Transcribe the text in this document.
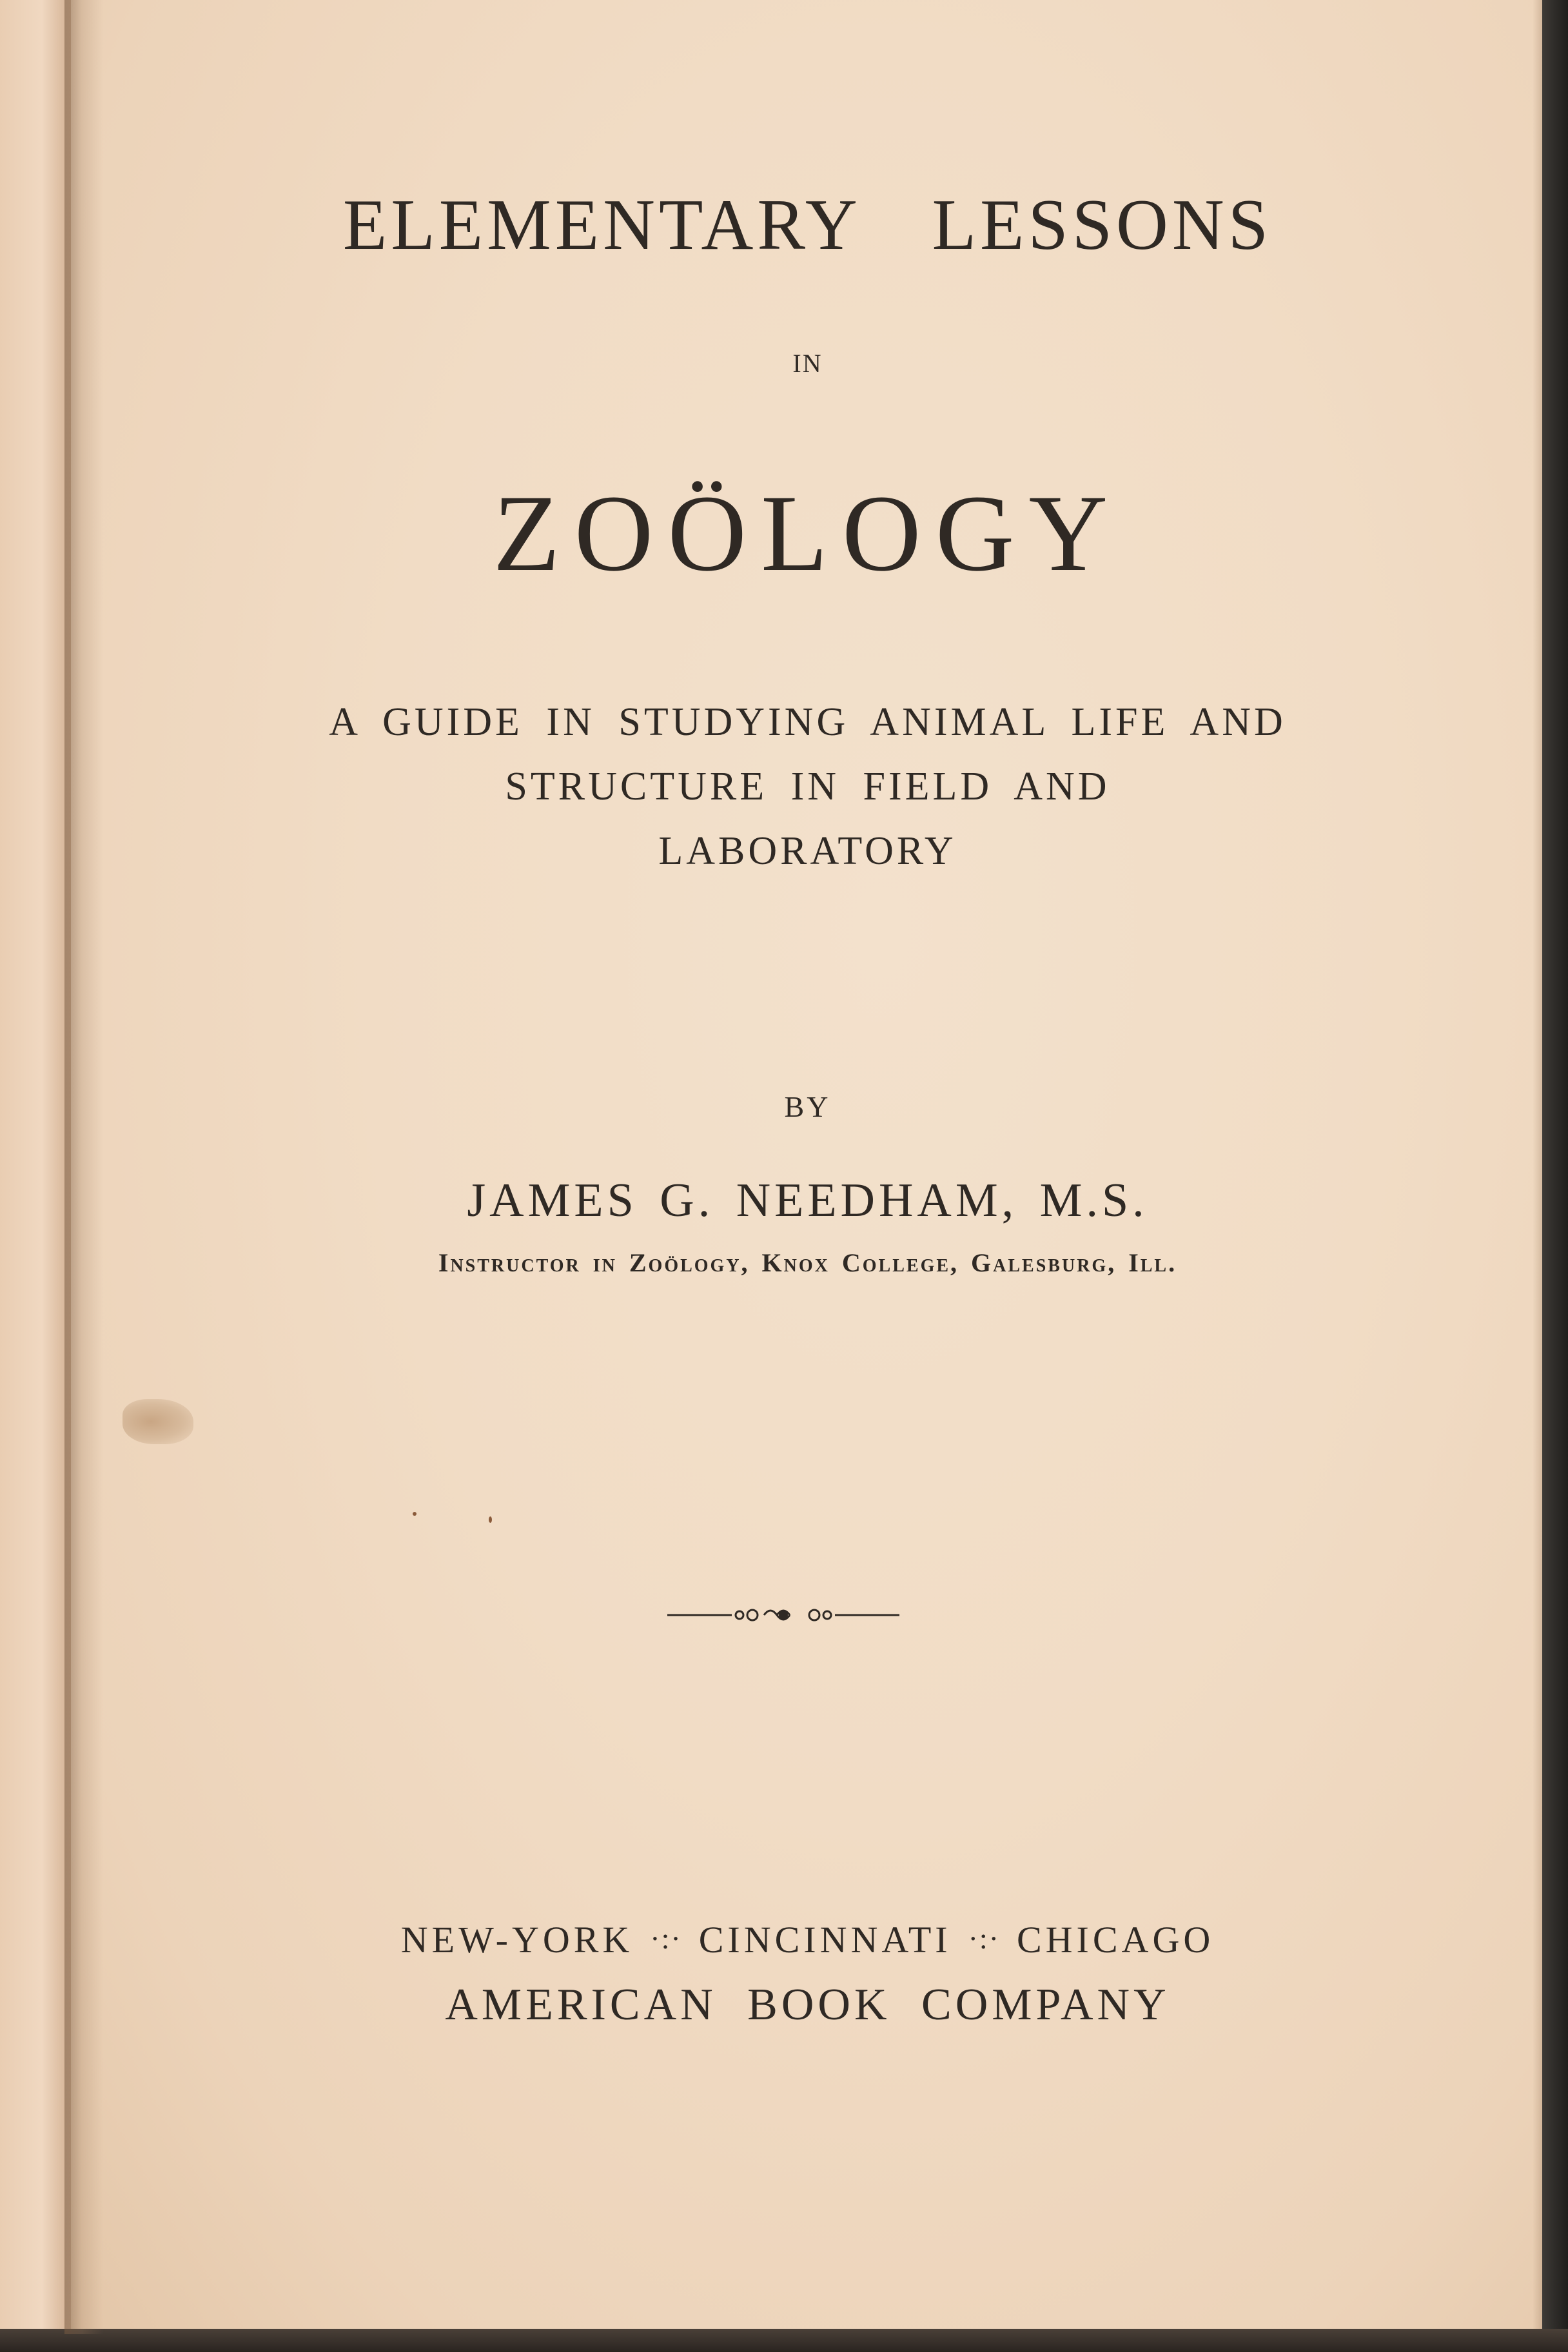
ELEMENTARY LESSONS

IN

ZOÖLOGY

A GUIDE IN STUDYING ANIMAL LIFE AND

STRUCTURE IN FIELD AND

LABORATORY

BY

JAMES G. NEEDHAM, M.S.

Instructor in Zoölogy, Knox College, Galesburg, Ill.

NEW-YORK ·:· CINCINNATI ·:· CHICAGO

AMERICAN BOOK COMPANY
